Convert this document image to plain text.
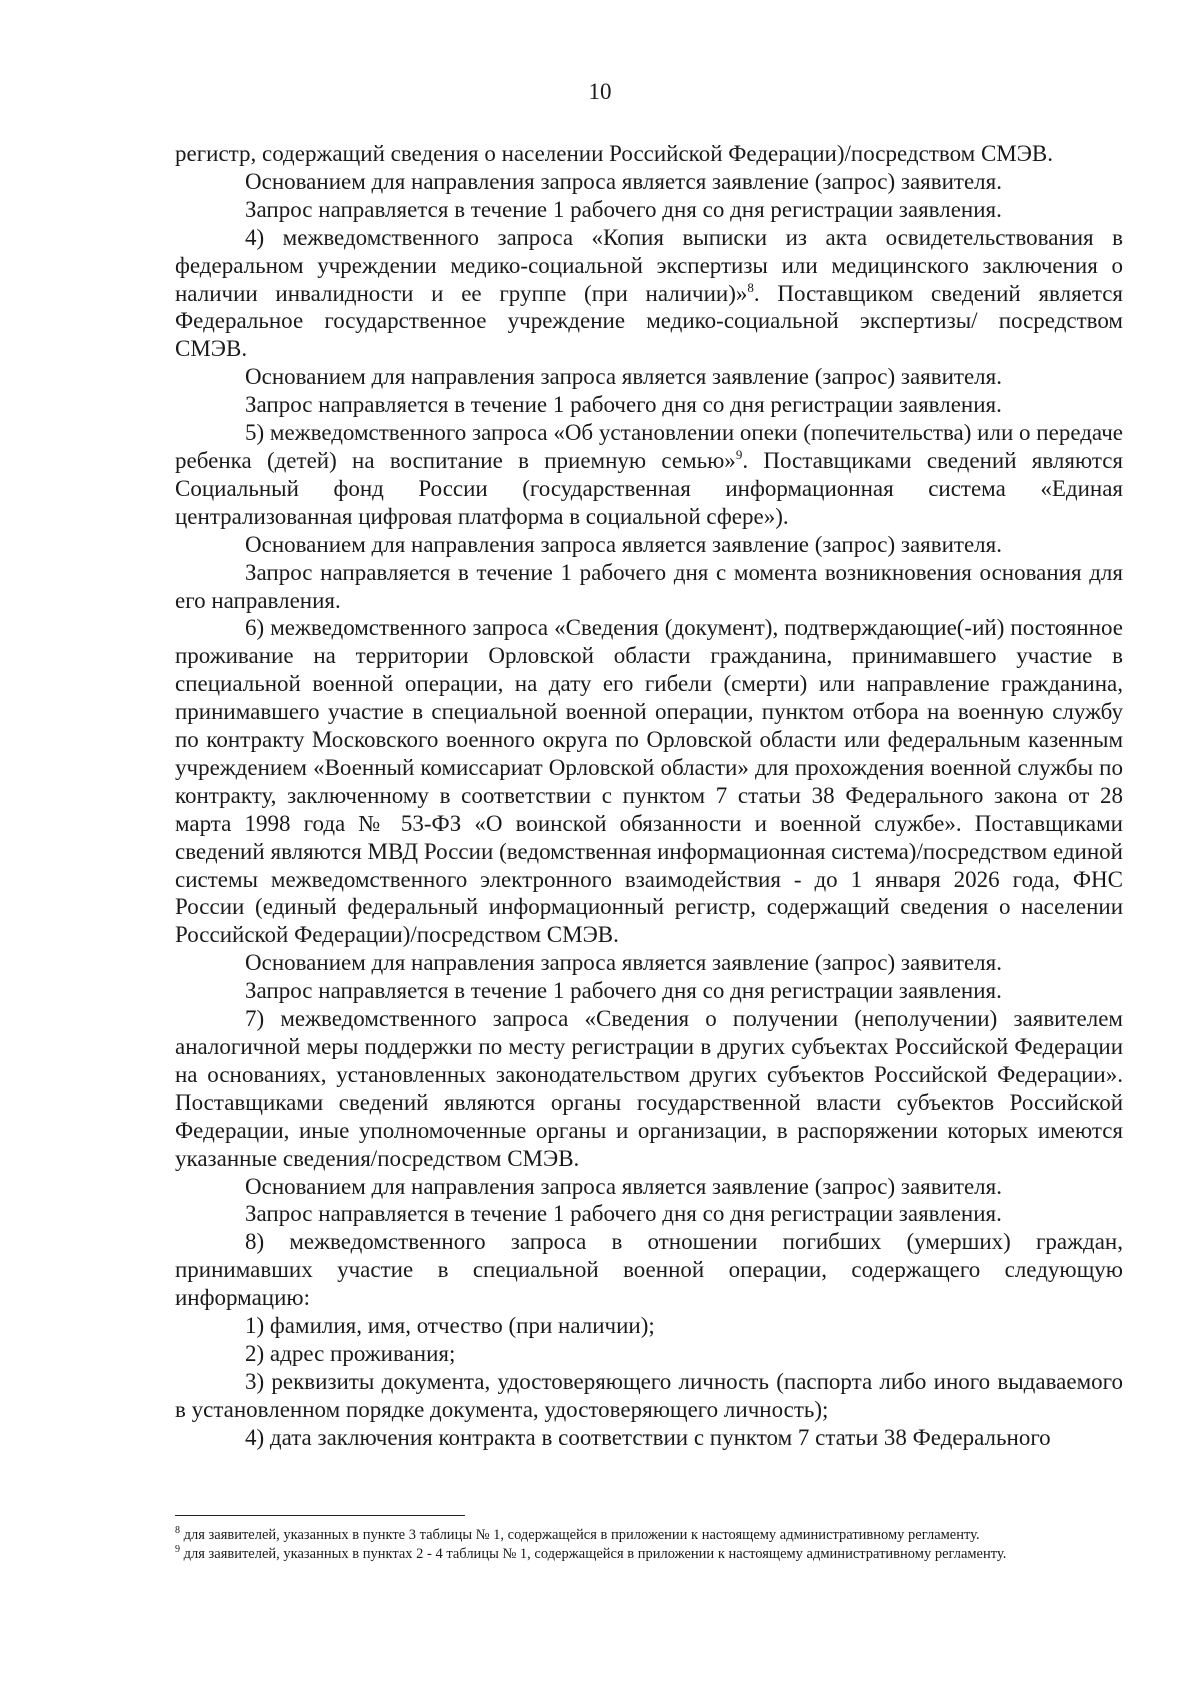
10

регистр, содержащий сведения о населении Российской Федерации)/посредством СМЭВ.

Основанием для направления запроса является заявление (запрос) заявителя.

Запрос направляется в течение 1 рабочего дня со дня регистрации заявления.

4) межведомственного запроса «Копия выписки из акта освидетельствования в федеральном учреждении медико-социальной экспертизы или медицинского заключения о наличии инвалидности и ее группе (при наличии)»$^8$. Поставщиком сведений является Федеральное государственное учреждение медико-социальной экспертизы/ посредством СМЭВ.

Основанием для направления запроса является заявление (запрос) заявителя.

Запрос направляется в течение 1 рабочего дня со дня регистрации заявления.

5) межведомственного запроса «Об установлении опеки (попечительства) или о передаче ребенка (детей) на воспитание в приемную семью»$^9$. Поставщиками сведений являются Социальный фонд России (государственная информационная система «Единая централизованная цифровая платформа в социальной сфере»).

Основанием для направления запроса является заявление (запрос) заявителя.

Запрос направляется в течение 1 рабочего дня с момента возникновения основания для его направления.

6) межведомственного запроса «Сведения (документ), подтверждающие(-ий) постоянное проживание на территории Орловской области гражданина, принимавшего участие в специальной военной операции, на дату его гибели (смерти) или направление гражданина, принимавшего участие в специальной военной операции, пунктом отбора на военную службу по контракту Московского военного округа по Орловской области или федеральным казенным учреждением «Военный комиссариат Орловской области» для прохождения военной службы по контракту, заключенному в соответствии с пунктом 7 статьи 38 Федерального закона от 28 марта 1998 года № 53-ФЗ «О воинской обязанности и военной службе». Поставщиками сведений являются МВД России (ведомственная информационная система)/посредством единой системы межведомственного электронного взаимодействия - до 1 января 2026 года, ФНС России (единый федеральный информационный регистр, содержащий сведения о населении Российской Федерации)/посредством СМЭВ.

Основанием для направления запроса является заявление (запрос) заявителя.

Запрос направляется в течение 1 рабочего дня со дня регистрации заявления.

7) межведомственного запроса «Сведения о получении (неполучении) заявителем аналогичной меры поддержки по месту регистрации в других субъектах Российской Федерации на основаниях, установленных законодательством других субъектов Российской Федерации». Поставщиками сведений являются органы государственной власти субъектов Российской Федерации, иные уполномоченные органы и организации, в распоряжении которых имеются указанные сведения/посредством СМЭВ.

Основанием для направления запроса является заявление (запрос) заявителя.

Запрос направляется в течение 1 рабочего дня со дня регистрации заявления.

8) межведомственного запроса в отношении погибших (умерших) граждан, принимавших участие в специальной военной операции, содержащего следующую информацию:

1) фамилия, имя, отчество (при наличии);

2) адрес проживания;

3) реквизиты документа, удостоверяющего личность (паспорта либо иного выдаваемого в установленном порядке документа, удостоверяющего личность);

4) дата заключения контракта в соответствии с пунктом 7 статьи 38 Федерального

$^8$ для заявителей, указанных в пункте 3 таблицы № 1, содержащейся в приложении к настоящему административному регламенту.

$^9$ для заявителей, указанных в пунктах 2 - 4 таблицы № 1, содержащейся в приложении к настоящему административному регламенту.
